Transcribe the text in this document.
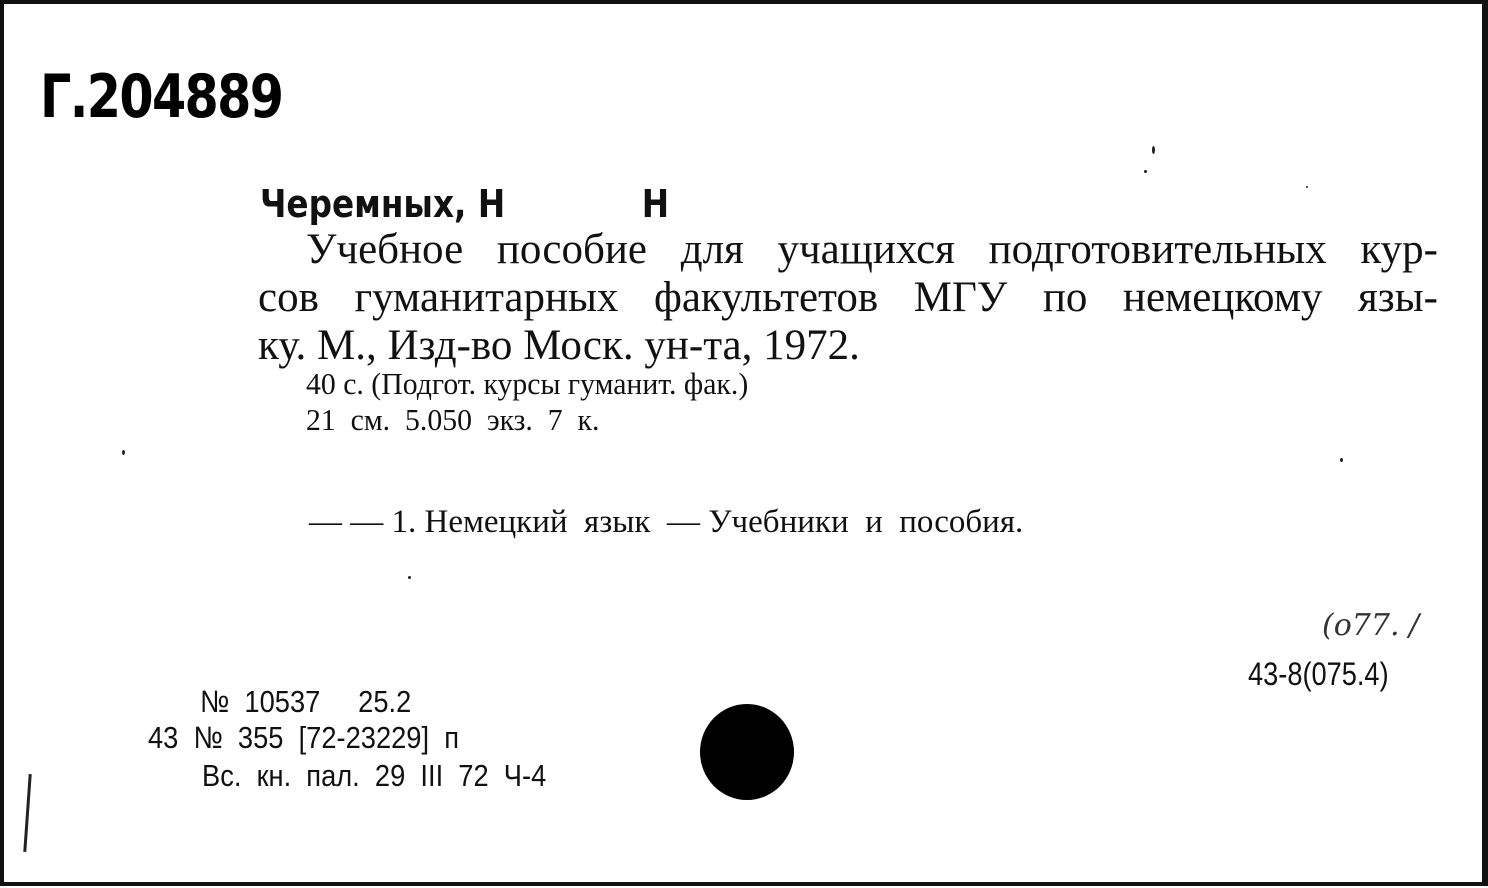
Г.204889
Черемных, Н            Н
Учебное пособие для учащихся подготовительных кур-
сов гуманитарных факультетов МГУ по немецкому язы-
ку. М., Изд-во Моск. ун-та, 1972.
40 с. (Подгот. курсы гуманит. фак.)
21  см.  5.050  экз.  7  к.
— — 1. Немецкий  язык  — Учебники  и  пособия.
(о77. /
43-8(075.4)
№  10537     25.2
43  №  355  [72-23229]  п
Вс.  кн.  пал.  29  III  72  Ч-4
